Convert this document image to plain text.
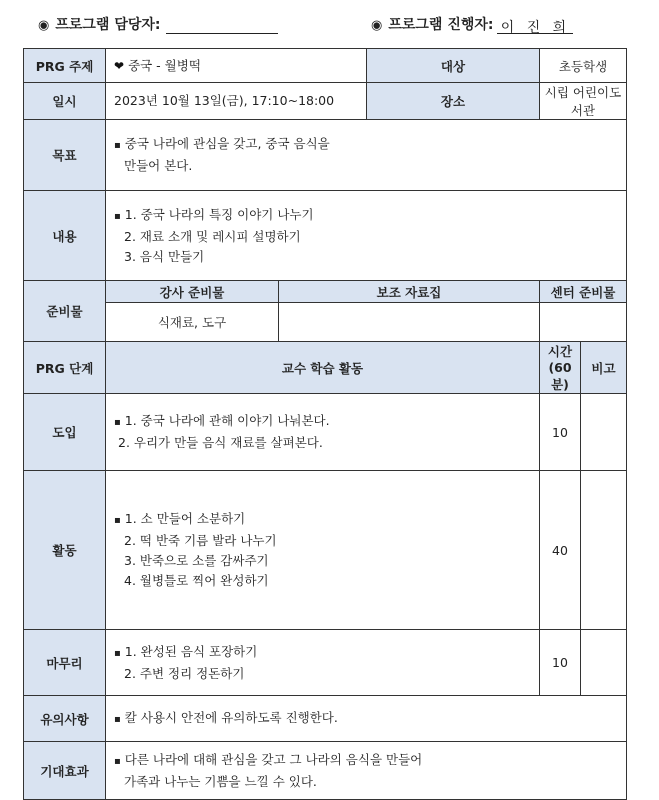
◉ 프로그램 담당자:	◉ 프로그램 진행자: 이 진 희
PRG 주제	❤ 중국 - 월병떡		대상	초등학생	
일시	2023년 10월 13일(금), 17:10~18:00		장소	시립 어린이도서관	
목표	▪ 중국 나라에 관심을 갖고, 중국 음식을
만들어 본다.				

내용	▪ 1. 중국 나라의 특징 이야기 나누기
2. 재료 소개 및 레시피 설명하기
3. 음식 만들기				

준비물	강사 준비물	보조 자료집		센터 준비물	
	식재료, 도구				
PRG 단계	교수 학습 활동			시간(60분)	비고
도입	▪ 1. 중국 나라에 관해 이야기 나눠본다.
2. 우리가 만들 음식 재료를 살펴본다.			10	
활동	▪ 1. 소 만들어 소분하기
2. 떡 반죽 기름 발라 나누기
3. 반죽으로 소를 감싸주기
4. 월병틀로 찍어 완성하기			40	
마무리	▪ 1. 완성된 음식 포장하기
2. 주변 정리 정돈하기			10	
유의사항	▪ 칼 사용시 안전에 유의하도록 진행한다.				

기대효과	▪ 다른 나라에 대해 관심을 갖고 그 나라의 음식을 만들어
가족과 나누는 기쁨을 느낄 수 있다.				
